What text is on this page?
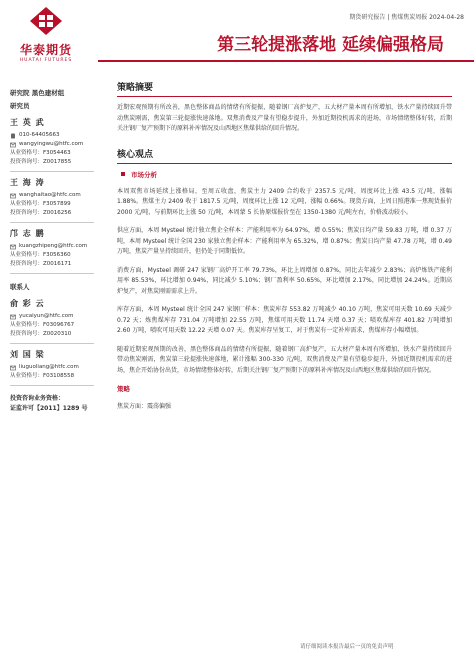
华泰期货
HUATAI FUTURES
期货研究报告 | 焦煤焦炭周报 2024-04-28
第三轮提涨落地 延续偏强格局
研究院 黑色建材组
研究员
王 英 武
010-64405663
wangyingwu@htfc.com
从业资格号： F3054463
投资咨询号： Z0017855
王 海 涛
wanghaitao@htfc.com
从业资格号： F3057899
投资咨询号： Z0016256
邝 志 鹏
kuangzhipeng@htfc.com
从业资格号： F3056360
投资咨询号： Z0016171
联系人
俞 彩 云
yucaiyun@htfc.com
从业资格号： F03096767
投资咨询号： Z0020310
刘 国 梁
liuguoliang@htfc.com
从业资格号： F03108558
投资咨询业务资格：
证监许可【2011】1289 号
策略摘要

近期宏观预期有所改善，黑色整体商品的情绪有所提振，随着钢厂高炉复产，五大材产量本周有所增加，铁水产量持续回升带动焦炭刚需，焦炭第三轮提涨快速落地。双焦消费及产量有望稳步提升，外加近期投机需求的进场，市场情绪整体好转，后期关注钢厂复产预期下的原料补库情况及山西地区焦煤供给的回升情况。

核心观点
市场分析

本周双焦市场延续上涨格局，至周五收盘，焦炭主力 2409 合约收于 2357.5 元/吨，周度环比上涨 43.5 元/吨，涨幅 1.88%。焦煤主力 2409 收于 1817.5 元/吨，周度环比上涨 12 元/吨，涨幅 0.66%。现货方面，上周日照港准一焦现货报价 2000 元/吨，与前期环比上涨 50 元/吨，本周蒙 5 长协原煤报价至在 1350-1380 元/吨左右，价格波动较小。

供应方面，本周 Mysteel 统计独立焦企全样本：产能利用率为 64.97%，增 0.55%；焦炭日均产量 59.83 万吨，增 0.37 万吨，本周 Mysteel 统计全国 230 家独立焦企样本：产能利用率为 65.32%，增 0.87%；焦炭日均产量 47.78 万吨，增 0.49 万吨，焦炭产量呈持续回升，但仍处于同期低位。

消费方面，Mysteel 调研 247 家钢厂高炉开工率 79.73%，环比上周增加 0.87%，同比去年减少 2.83%；高炉炼铁产能利用率 85.53%，环比增加 0.94%，同比减少 5.10%；钢厂盈利率 50.65%，环比增加 2.17%，同比增加 24.24%。近期高炉复产，对焦炭刚需需求上升。

库存方面，本周 Mysteel 统计全国 247 家钢厂样本：焦炭库存 553.82 万吨减少 40.10 万吨，焦炭可用天数 10.69 天减少 0.72 天；炼焦煤库存 731.04 万吨增加 22.55 万吨，焦煤可用天数 11.74 天增 0.37 天；喷吹煤库存 401.82 万吨增加 2.60 万吨，喷吹可用天数 12.22 天增 0.07 天。焦炭库存呈复工，对于焦炭有一定补库需求，焦煤库存小幅增加。

随着近期宏观预期的改善，黑色整体商品的情绪有所提振，随着钢厂高炉复产，五大材产量本周有所增加，铁水产量持续回升带动焦炭刚需，焦炭第三轮提涨快速落地，累计涨幅 300-330 元/吨，双焦消费及产量有望稳步提升，外加近期投机需求的进场，焦企开始协份出货，市场情绪整体好转，后期关注钢厂复产预期下的原料补库情况及山西地区焦煤供给的回升情况。

策略
焦炭方面：震荡偏强
请仔细阅读本报告最后一页的免责声明
